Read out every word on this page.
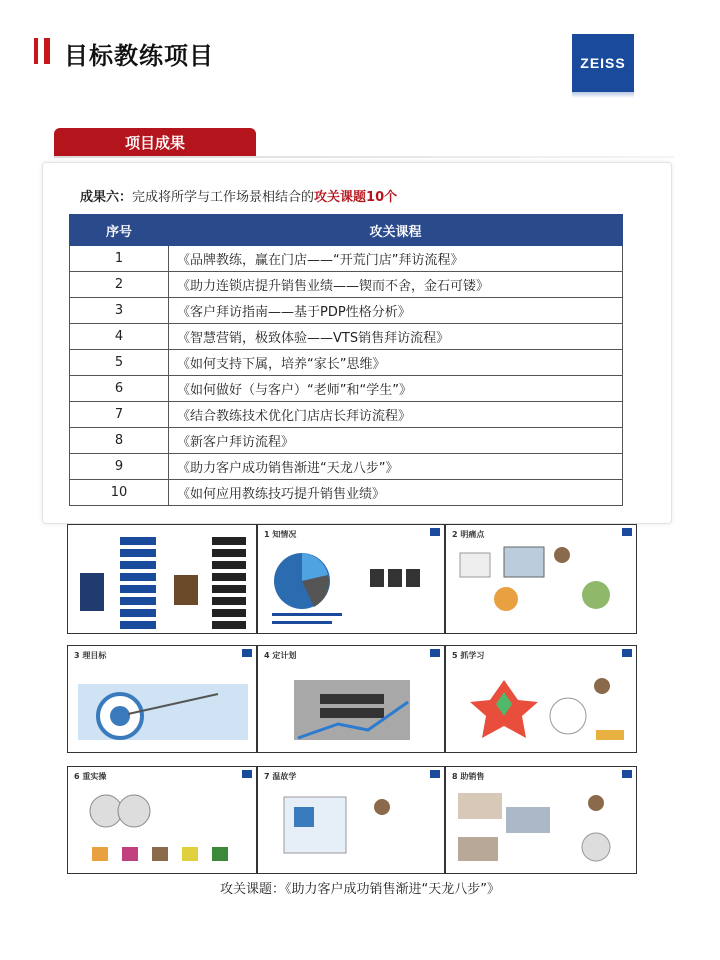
目标教练项目	ZEISS
项目成果
成果六：完成将所学与工作场景相结合的攻关课题10个
序号	攻关课程
1	《品牌教练，赢在门店——“开荒门店”拜访流程》
2	《助力连锁店提升销售业绩——锲而不舍，金石可镂》
3	《客户拜访指南——基于PDP性格分析》
4	《智慧营销，极致体验——VTS销售拜访流程》
5	《如何支持下属，培养“家长”思维》
6	《如何做好（与客户）“老师”和“学生”》
7	《结合教练技术优化门店店长拜访流程》
8	《新客户拜访流程》
9	《助力客户成功销售渐进“天龙八步”》
10	《如何应用教练技巧提升销售业绩》
1 知情况	2 明痛点
3 理目标	4 定计划	5 抓学习
6 重实操	7 温故学	8 助销售
攻关课题：《助力客户成功销售渐进“天龙八步”》
